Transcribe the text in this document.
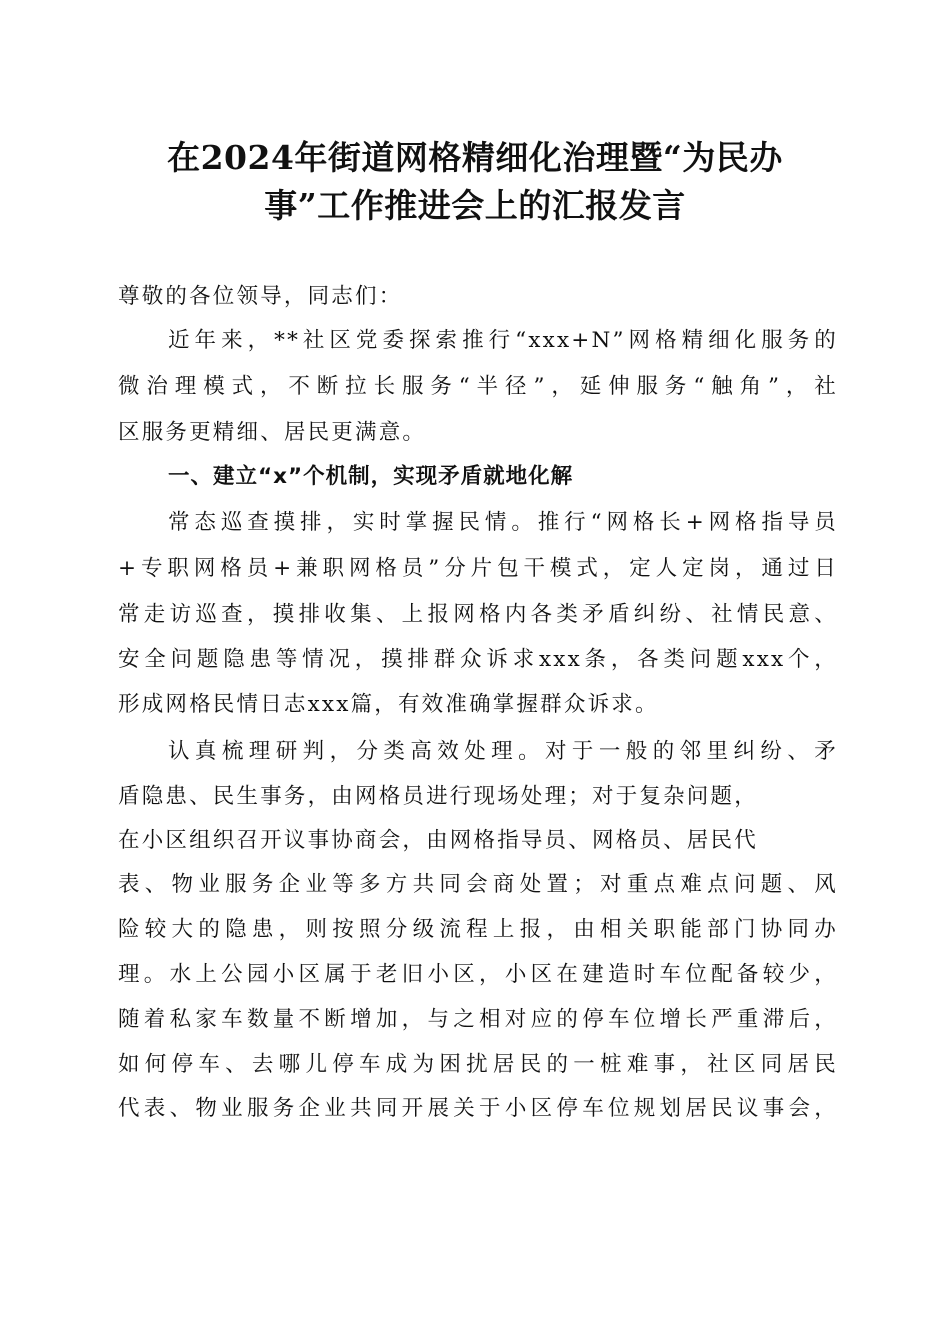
在2024年街道网格精细化治理暨“为民办
事”工作推进会上的汇报发言
尊敬的各位领导，同志们：
近年来，**社区党委探索推行“xxx+N”网格精细化服务的
微治理模式，不断拉长服务“半径”，延伸服务“触角”，社
区服务更精细、居民更满意。
一、建立“x”个机制，实现矛盾就地化解
常态巡查摸排，实时掌握民情。推行“网格长+网格指导员
+专职网格员+兼职网格员”分片包干模式，定人定岗，通过日
常走访巡查，摸排收集、上报网格内各类矛盾纠纷、社情民意、
安全问题隐患等情况，摸排群众诉求xxx条，各类问题xxx个，
形成网格民情日志xxx篇，有效准确掌握群众诉求。
认真梳理研判，分类高效处理。对于一般的邻里纠纷、矛
盾隐患、民生事务，由网格员进行现场处理；对于复杂问题，
在小区组织召开议事协商会，由网格指导员、网格员、居民代
表、物业服务企业等多方共同会商处置；对重点难点问题、风
险较大的隐患，则按照分级流程上报，由相关职能部门协同办
理。水上公园小区属于老旧小区，小区在建造时车位配备较少，
随着私家车数量不断增加，与之相对应的停车位增长严重滞后，
如何停车、去哪儿停车成为困扰居民的一桩难事，社区同居民
代表、物业服务企业共同开展关于小区停车位规划居民议事会，
